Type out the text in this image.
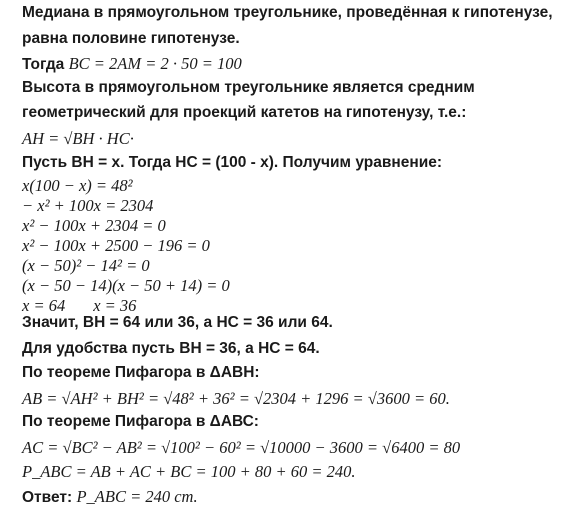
Медиана в прямоугольном треугольнике, проведённая к гипотенузе,
равна половине гипотенузе.
Тогда BC = 2AM = 2 · 50 = 100
Высота в прямоугольном треугольнике является средним
геометрический для проекций катетов на гипотенузу, т.е.:
AH = √BH · HC·
Пусть ВН = х. Тогда НС = (100 - х). Получим уравнение:
x(100 − x) = 48²
− x² + 100x = 2304
x² − 100x + 2304 = 0
x² − 100x + 2500 − 196 = 0
(x − 50)² − 14² = 0
(x − 50 − 14)(x − 50 + 14) = 0
x = 64 x = 36
Значит, ВН = 64 или 36, а НС = 36 или 64.
Для удобства пусть ВН = 36, а НС = 64.
По теореме Пифагора в ΔАВН:
AB = √AH² + BH² = √48² + 36² = √2304 + 1296 = √3600 = 60.
По теореме Пифагора в ΔАВС:
AC = √BC² − AB² = √100² − 60² = √10000 − 3600 = √6400 = 80
P_ABC = AB + AC + BC = 100 + 80 + 60 = 240.
Ответ: P_ABC = 240 cm.
